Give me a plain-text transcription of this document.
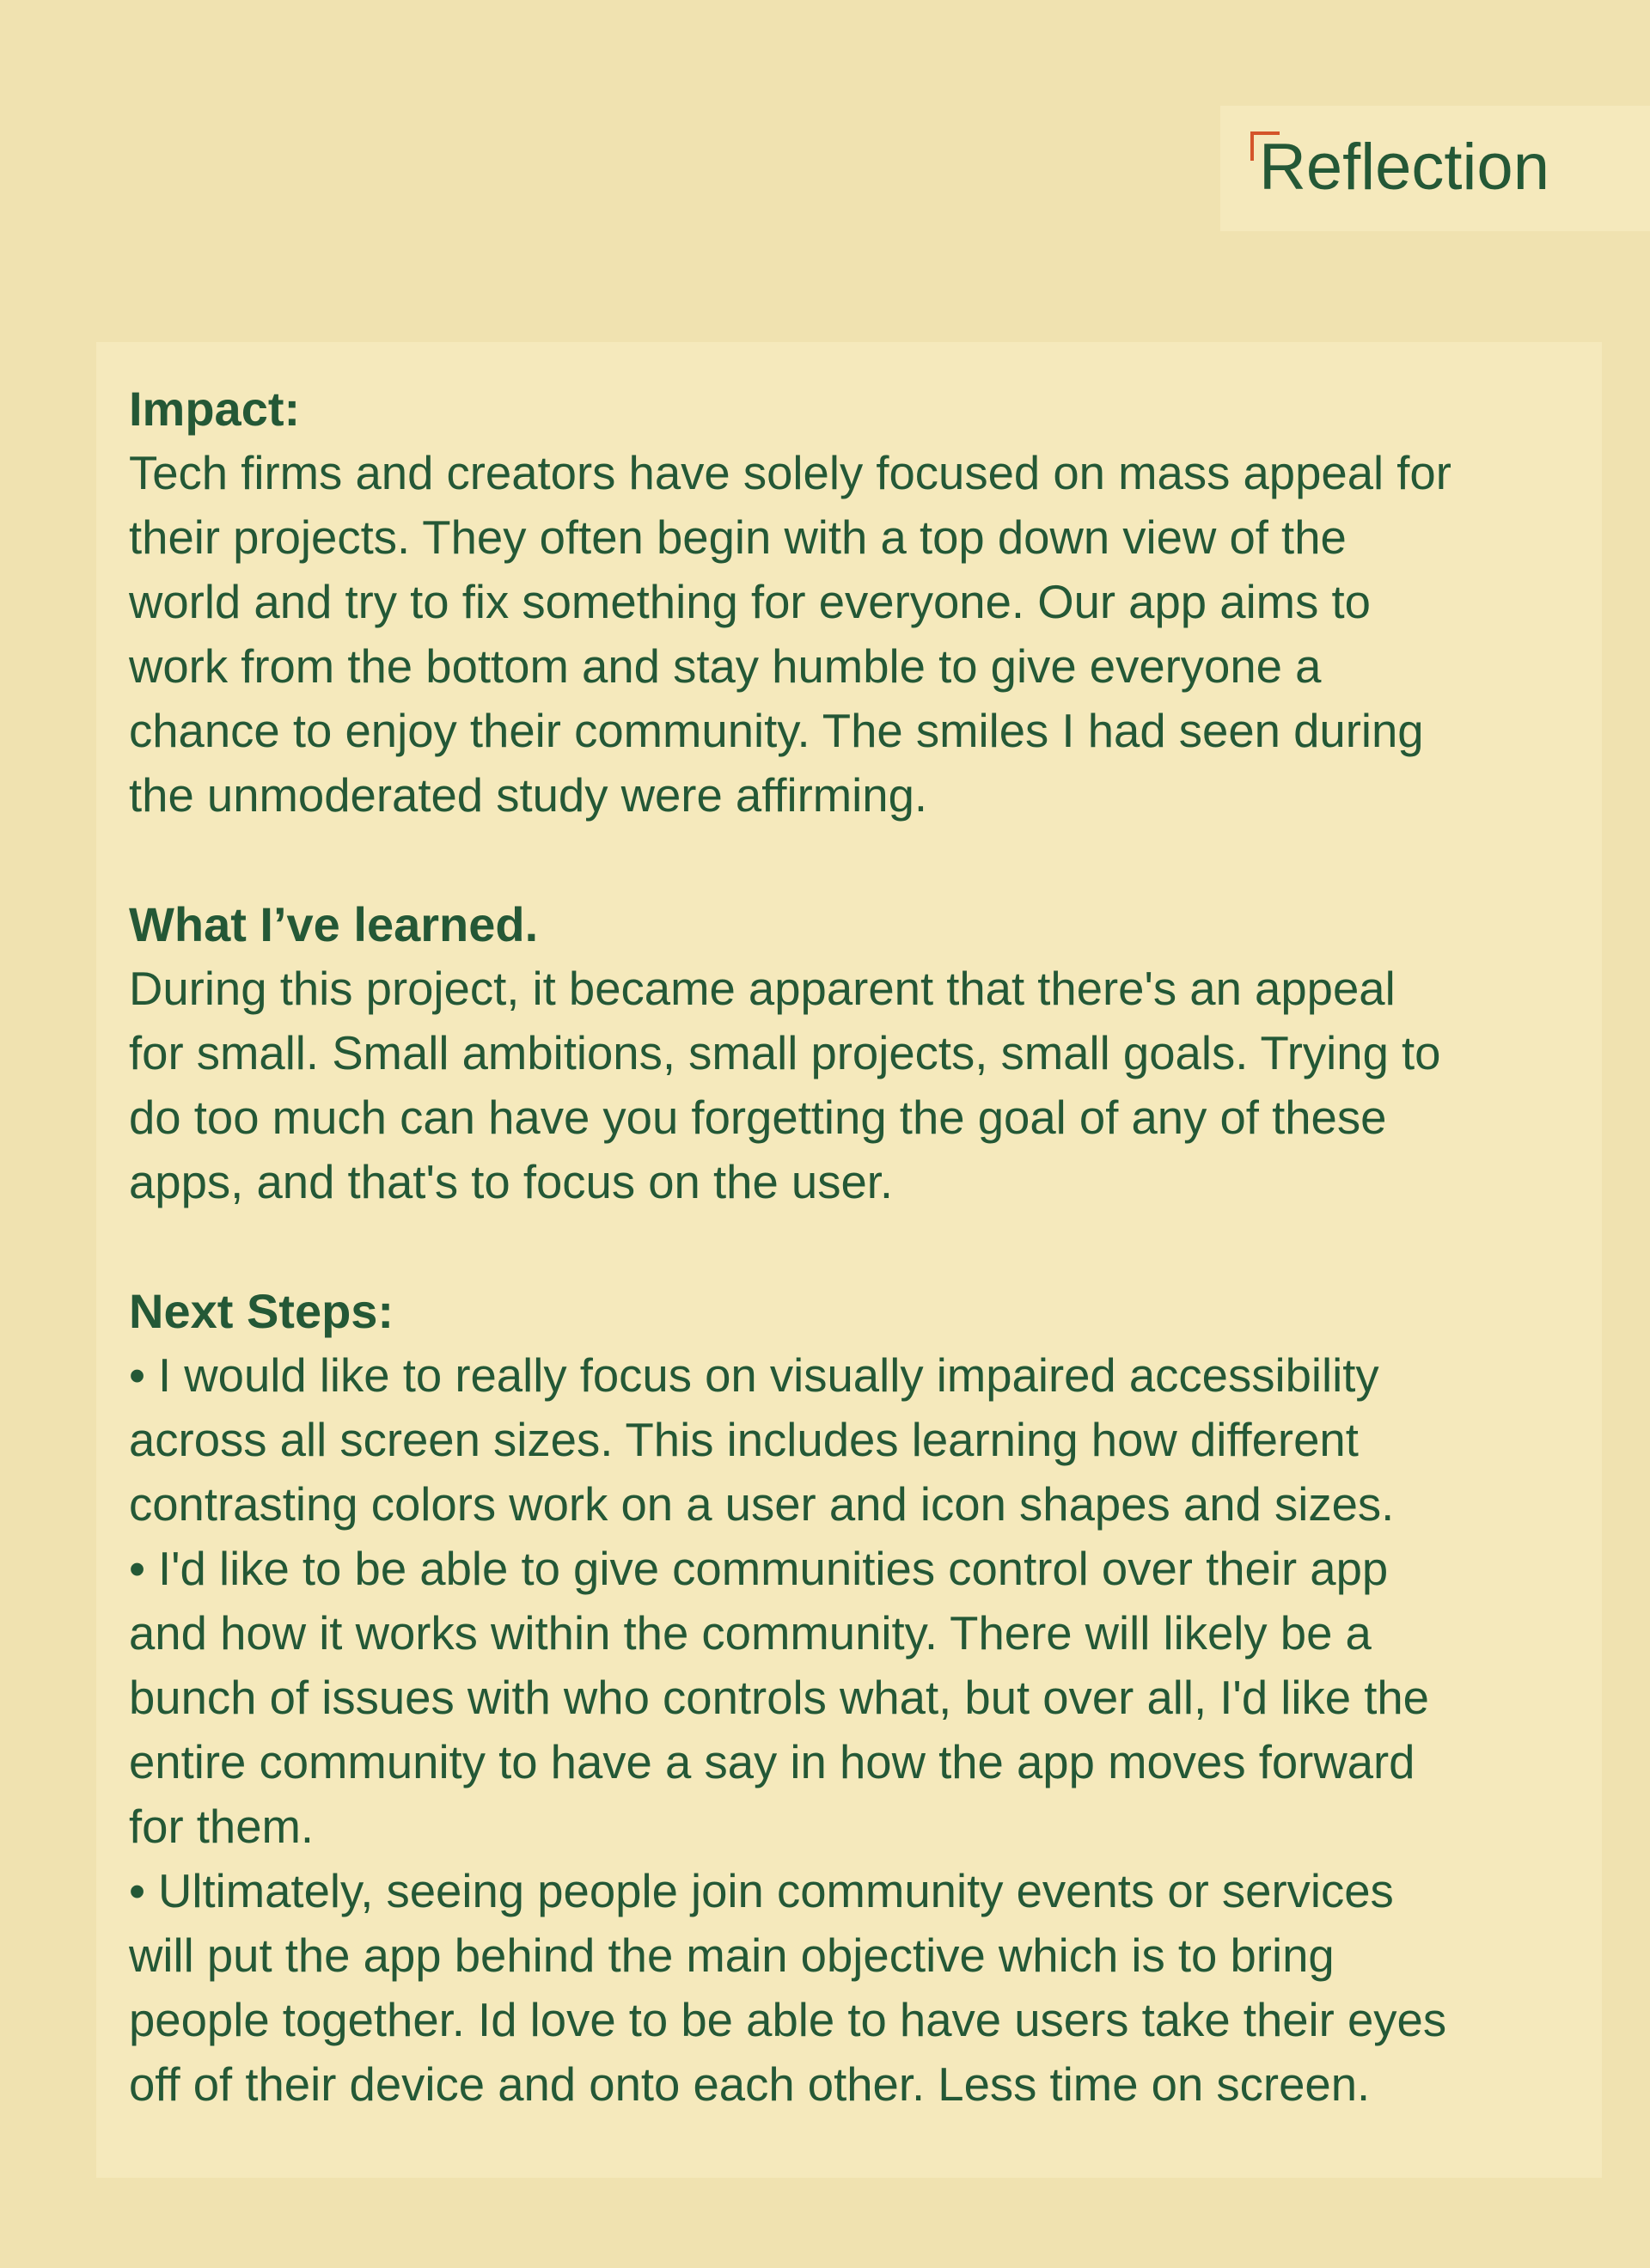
Reflection

Impact:

Tech firms and creators have solely focused on mass appeal for

their projects. They often begin with a top down view of the

world and try to fix something for everyone. Our app aims to

work from the bottom and stay humble to give everyone a

chance to enjoy their community. The smiles I had seen during

the unmoderated study were affirming.

What I’ve learned.

During this project, it became apparent that there's an appeal

for small. Small ambitions, small projects, small goals. Trying to

do too much can have you forgetting the goal of any of these

apps, and that's to focus on the user.

Next Steps:

• I would like to really focus on visually impaired accessibility

across all screen sizes. This includes learning how different

contrasting colors work on a user and icon shapes and sizes.

• I'd like to be able to give communities control over their app

and how it works within the community. There will likely be a

bunch of issues with who controls what, but over all, I'd like the

entire community to have a say in how the app moves forward

for them.

• Ultimately, seeing people join community events or services

will put the app behind the main objective which is to bring

people together. Id love to be able to have users take their eyes

off of their device and onto each other. Less time on screen.
